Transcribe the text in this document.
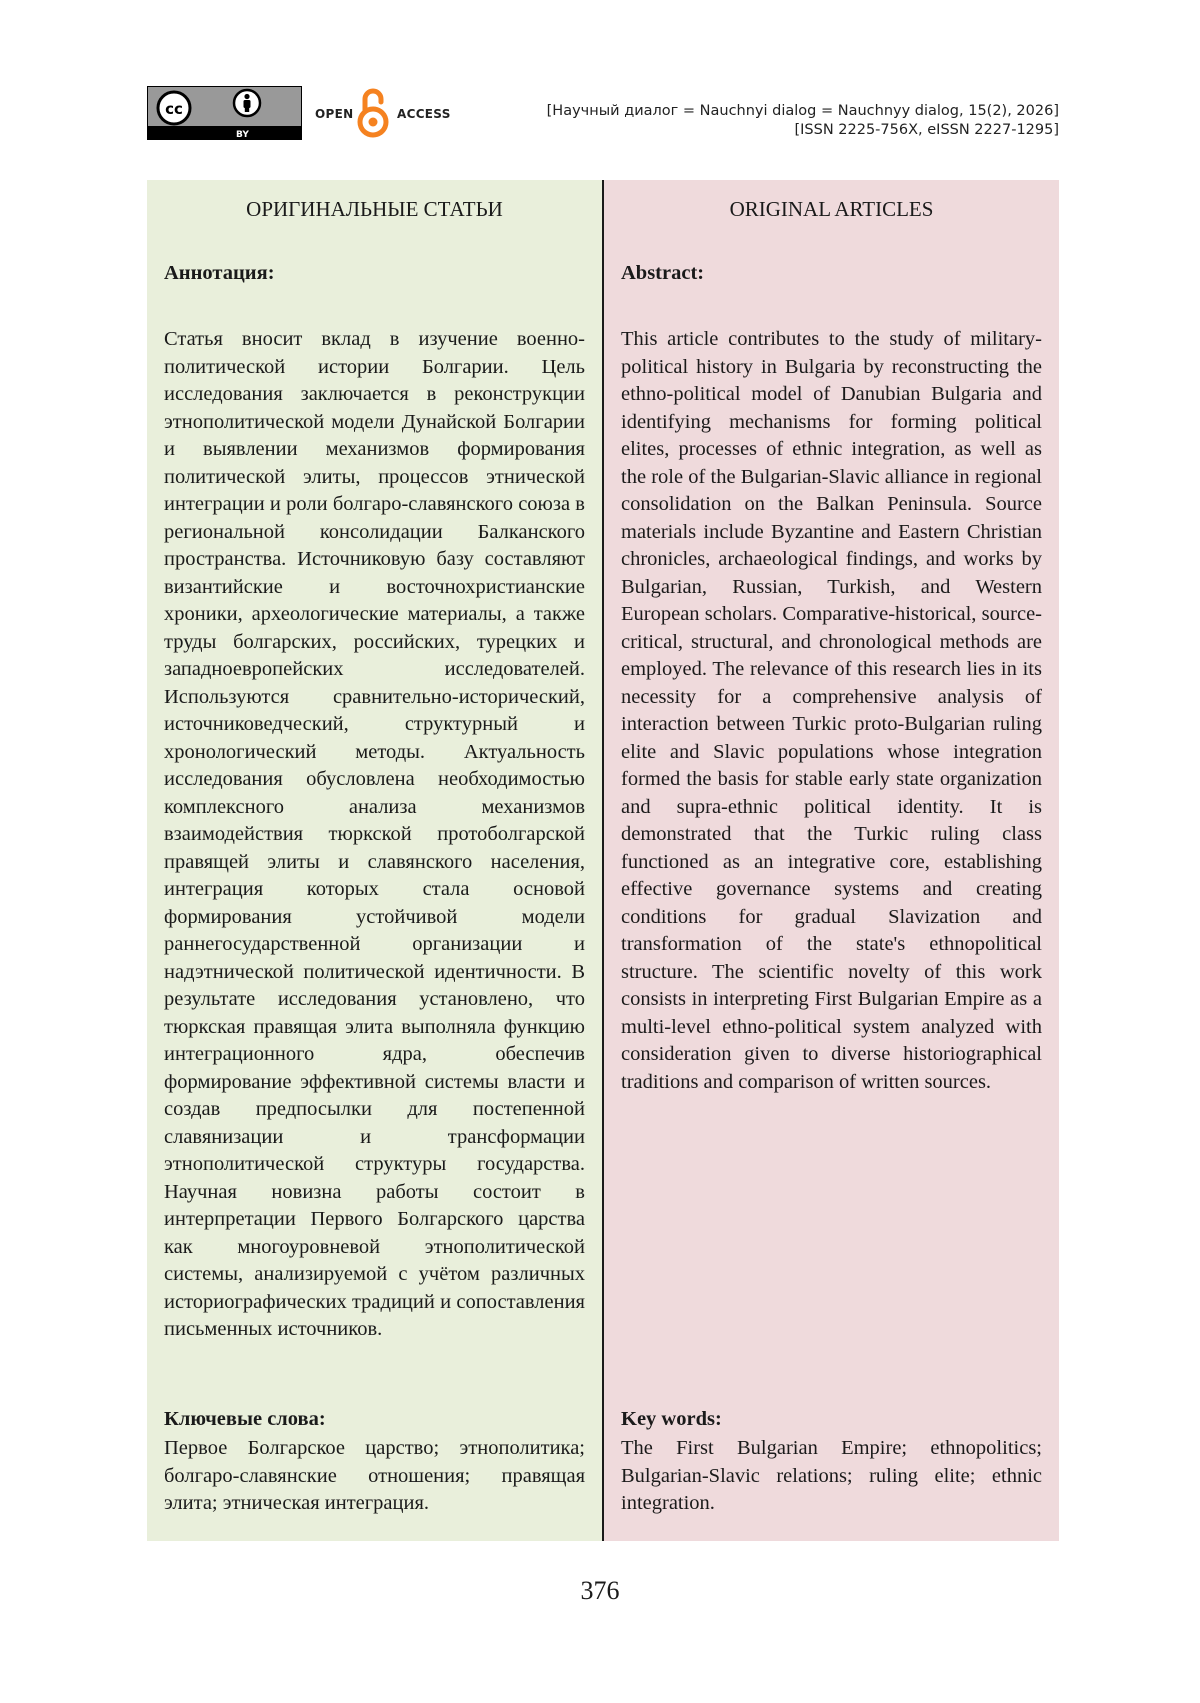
cc
BY
OPEN	ACCESS	[Научный диалог = Nauchnyi dialog = Nauchnyy dialog, 15(2), 2026]
[ISSN 2225-756X, eISSN 2227-1295]
ОРИГИНАЛЬНЫЕ СТАТЬИ
Аннотация:
Статья вносит вклад в изучение военно-политической истории Болгарии. Цель исследования заключается в реконструкции этнополитической модели Дунайской Болгарии и выявлении механизмов формирования политической элиты, процессов этнической интеграции и роли болгаро-славянского союза в региональной консолидации Балканского пространства. Источниковую базу составляют византийские и восточнохристианские хроники, археологические материалы, а также труды болгарских, российских, турецких и западноевропейских исследователей. Используются сравнительно-исторический, источниковедческий, структурный и хронологический методы. Актуальность исследования обусловлена необходимостью комплексного анализа механизмов взаимодействия тюркской протоболгарской правящей элиты и славянского населения, интеграция которых стала основой формирования устойчивой модели раннегосударственной организации и надэтнической политической идентичности. В результате исследования установлено, что тюркская правящая элита выполняла функцию интеграционного ядра, обеспечив формирование эффективной системы власти и создав предпосылки для постепенной славянизации и трансформации этнополитической структуры государства. Научная новизна работы состоит в интерпретации Первого Болгарского царства как многоуровневой этнополитической системы, анализируемой с учётом различных историографических традиций и сопоставления письменных источников.
Ключевые слова:
Первое Болгарское царство; этнополитика; болгаро-славянские отношения; правящая элита; этническая интеграция.
ORIGINAL ARTICLES
Abstract:
This article contributes to the study of military-political history in Bulgaria by reconstructing the ethno-political model of Danubian Bulgaria and identifying mechanisms for forming political elites, processes of ethnic integration, as well as the role of the Bulgarian-Slavic alliance in regional consolidation on the Balkan Peninsula. Source materials include Byzantine and Eastern Christian chronicles, archaeological findings, and works by Bulgarian, Russian, Turkish, and Western European scholars. Comparative-historical, source-critical, structural, and chronological methods are employed. The relevance of this research lies in its necessity for a comprehensive analysis of interaction between Turkic proto-Bulgarian ruling elite and Slavic populations whose integration formed the basis for stable early state organization and supra-ethnic political identity. It is demonstrated that the Turkic ruling class functioned as an integrative core, establishing effective governance systems and creating conditions for gradual Slavization and transformation of the state's ethnopolitical structure. The scientific novelty of this work consists in interpreting First Bulgarian Empire as a multi-level ethno-political system analyzed with consideration given to diverse historiographical traditions and comparison of written sources.
Key words:
The First Bulgarian Empire; ethnopolitics; Bulgarian-Slavic relations; ruling elite; ethnic integration.
376
